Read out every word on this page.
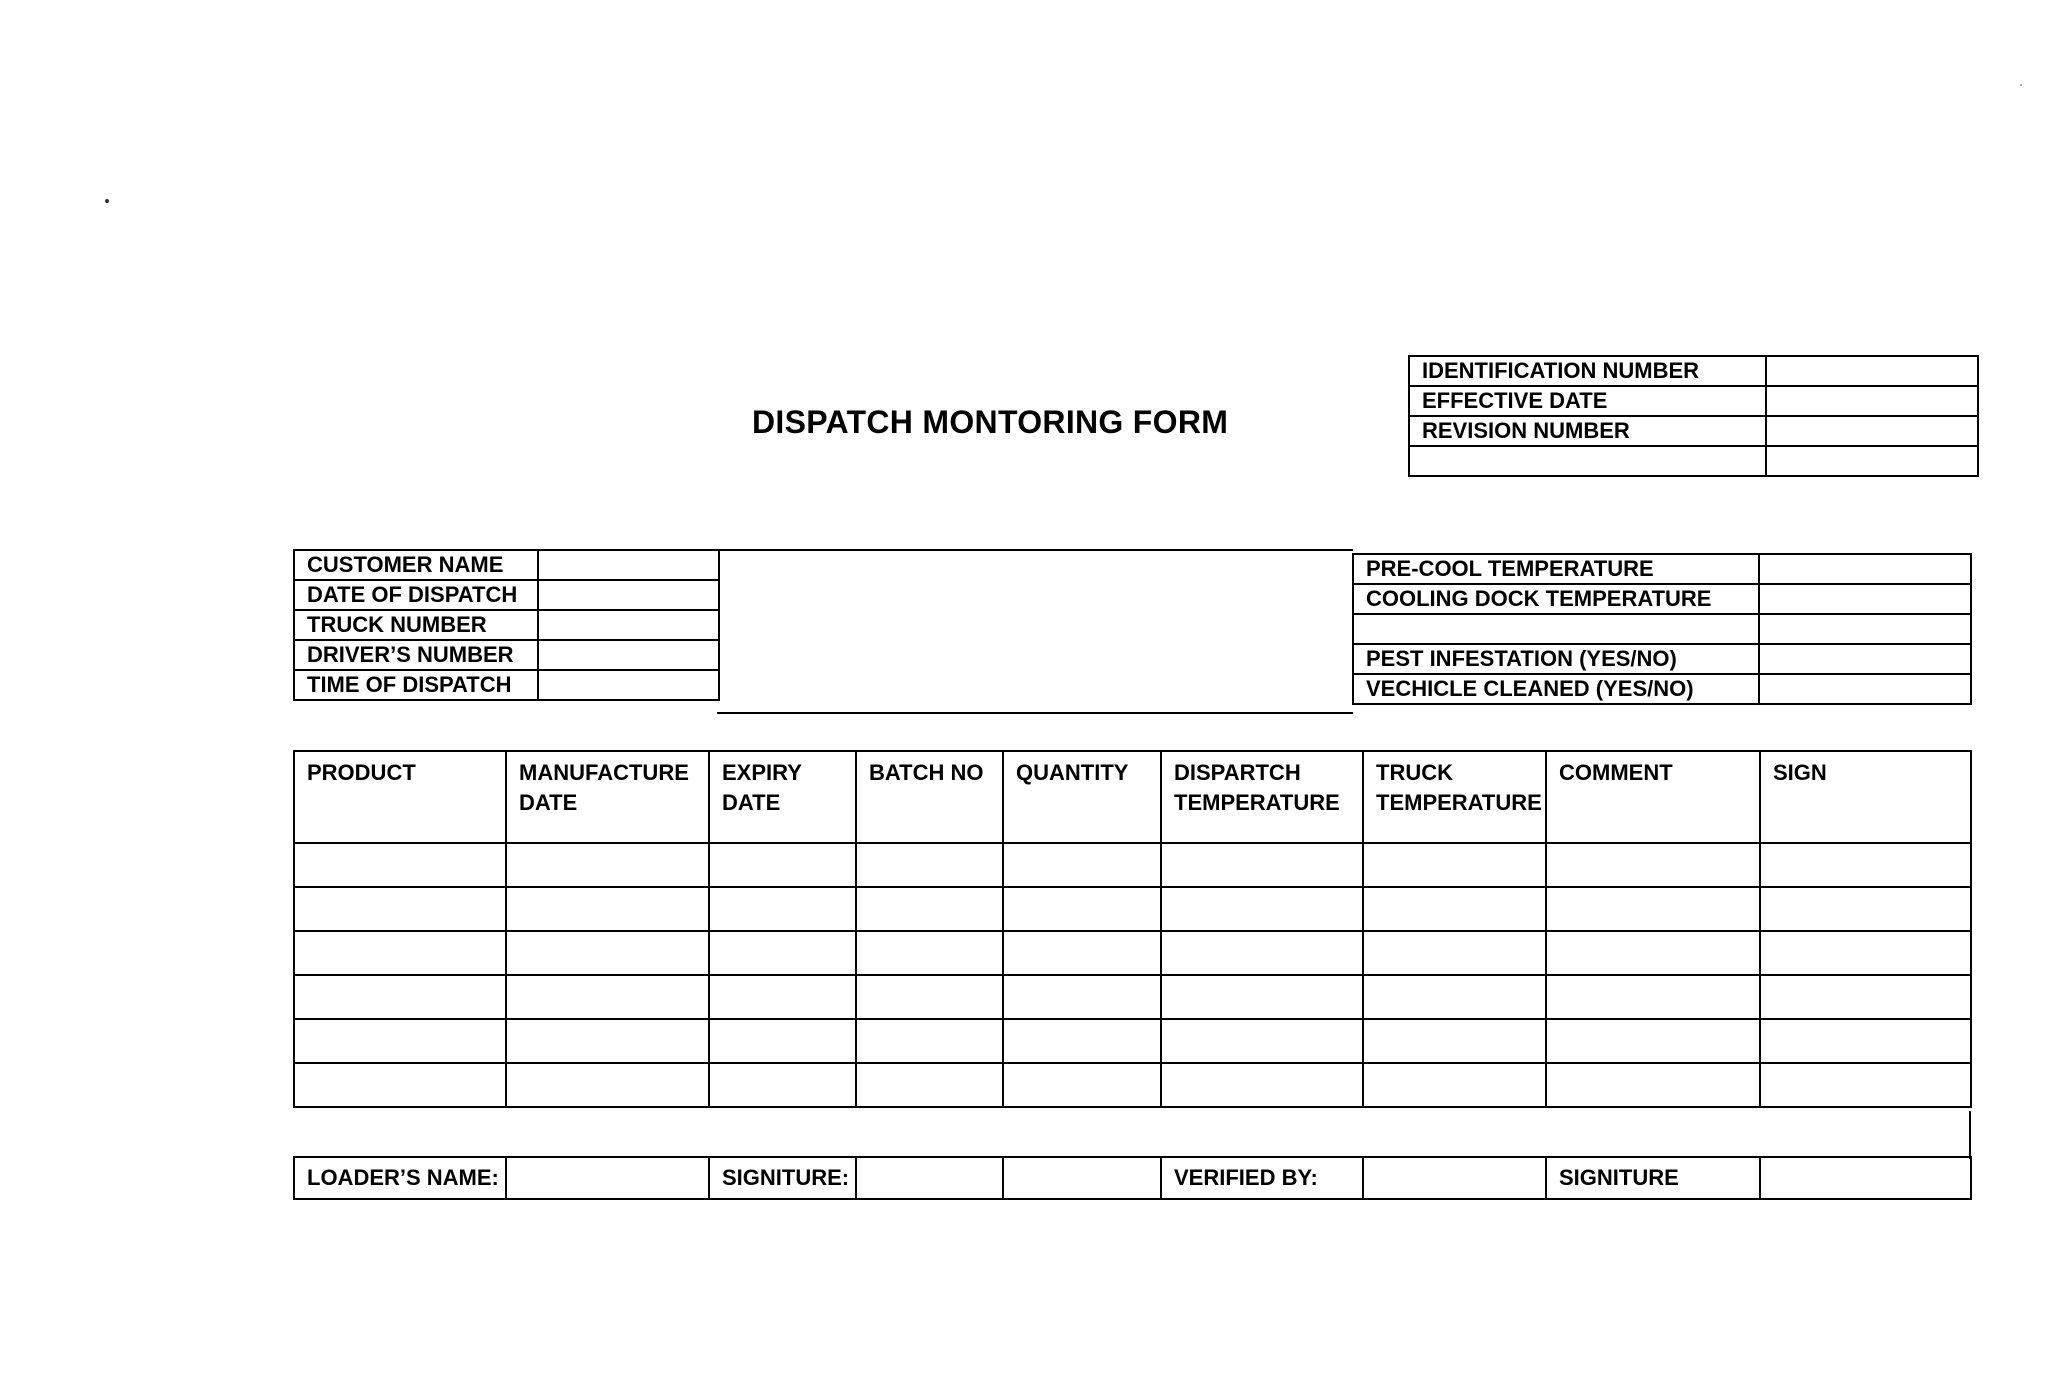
DISPATCH MONTORING FORM
IDENTIFICATION NUMBER	
EFFECTIVE DATE	
REVISION NUMBER	

CUSTOMER NAME	
DATE OF DISPATCH	
TRUCK NUMBER	
DRIVER’S NUMBER	
TIME OF DISPATCH	
PRE-COOL TEMPERATURE	
COOLING DOCK TEMPERATURE	

PEST INFESTATION (YES/NO)	
VECHICLE CLEANED (YES/NO)	
PRODUCT	MANUFACTURE DATE	EXPIRY DATE	BATCH NO	QUANTITY	DISPARTCH TEMPERATURE	TRUCK TEMPERATURE	COMMENT	SIGN

LOADER’S NAME:		SIGNITURE:			VERIFIED BY:		SIGNITURE	
